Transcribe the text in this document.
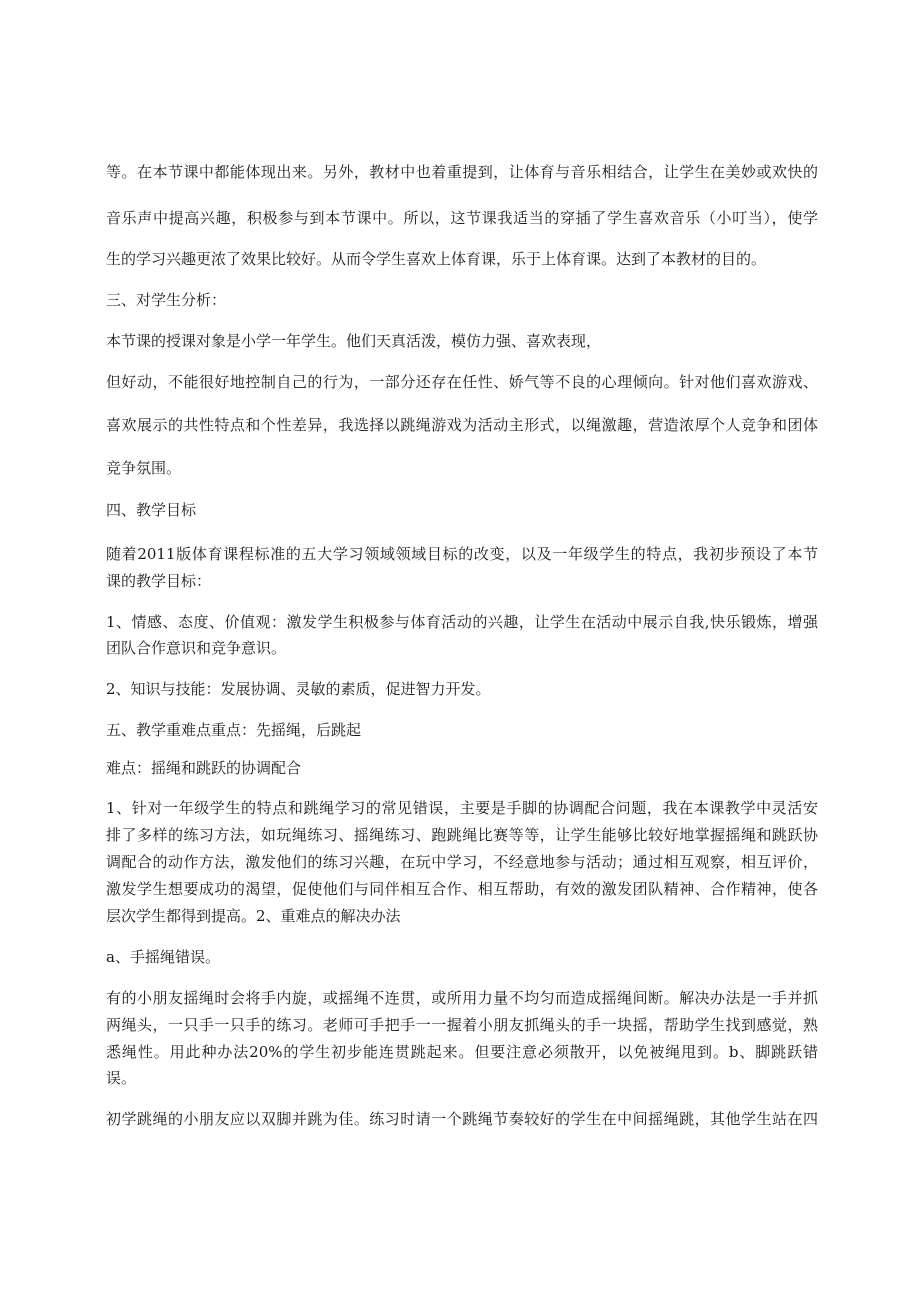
等。在本节课中都能体现出来。另外，教材中也着重提到，让体育与音乐相结合，让学生在美妙或欢快的
音乐声中提高兴趣，积极参与到本节课中。所以，这节课我适当的穿插了学生喜欢音乐（小叮当），使学
生的学习兴趣更浓了效果比较好。从而令学生喜欢上体育课，乐于上体育课。达到了本教材的目的。
三、对学生分析：
本节课的授课对象是小学一年学生。他们天真活泼，模仿力强、喜欢表现，
但好动，不能很好地控制自己的行为，一部分还存在任性、娇气等不良的心理倾向。针对他们喜欢游戏、
喜欢展示的共性特点和个性差异，我选择以跳绳游戏为活动主形式，以绳激趣，营造浓厚个人竞争和团体
竞争氛围。
四、教学目标
随着2011版体育课程标准的五大学习领域领域目标的改变，以及一年级学生的特点，我初步预设了本节
课的教学目标：
1、情感、态度、价值观：激发学生积极参与体育活动的兴趣，让学生在活动中展示自我,快乐锻炼，增强
团队合作意识和竞争意识。
2、知识与技能：发展协调、灵敏的素质，促进智力开发。
五、教学重难点重点：先摇绳，后跳起
难点：摇绳和跳跃的协调配合
1、针对一年级学生的特点和跳绳学习的常见错误，主要是手脚的协调配合问题，我在本课教学中灵活安
排了多样的练习方法，如玩绳练习、摇绳练习、跑跳绳比赛等等，让学生能够比较好地掌握摇绳和跳跃协
调配合的动作方法，激发他们的练习兴趣，在玩中学习，不经意地参与活动；通过相互观察，相互评价，
激发学生想要成功的渴望，促使他们与同伴相互合作、相互帮助，有效的激发团队精神、合作精神，使各
层次学生都得到提高。2、重难点的解决办法
a、手摇绳错误。
有的小朋友摇绳时会将手内旋，或摇绳不连贯，或所用力量不均匀而造成摇绳间断。解决办法是一手并抓
两绳头，一只手一只手的练习。老师可手把手一一握着小朋友抓绳头的手一块摇，帮助学生找到感觉，熟
悉绳性。用此种办法20%的学生初步能连贯跳起来。但要注意必须散开，以免被绳甩到。b、脚跳跃错
误。
初学跳绳的小朋友应以双脚并跳为佳。练习时请一个跳绳节奏较好的学生在中间摇绳跳，其他学生站在四
